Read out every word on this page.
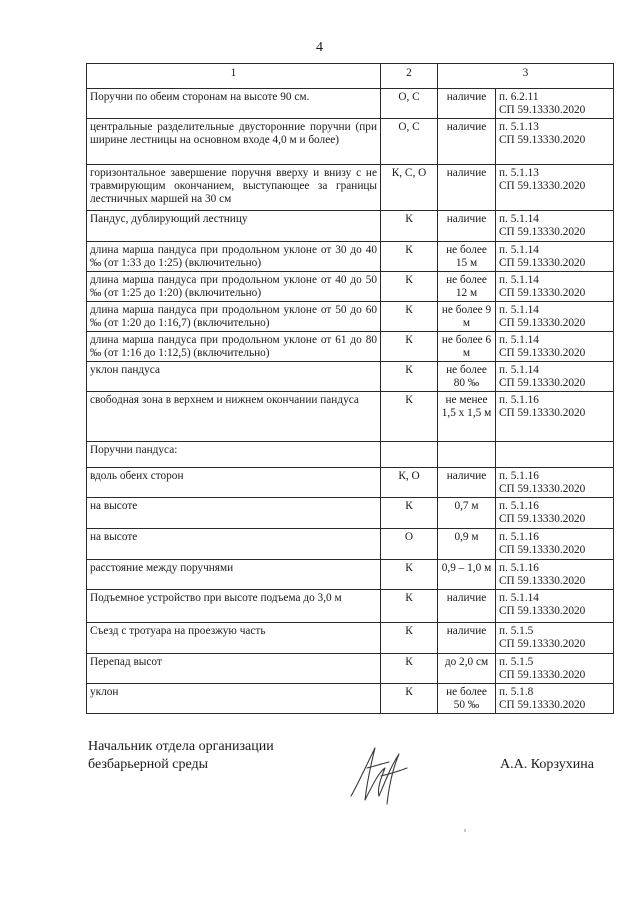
4
1	2	3	
Поручни по обеим сторонам на высоте 90 см.	О, С	наличие	п. 6.2.11
СП 59.13330.2020
центральные разделительные двусторонние поручни (при ширине лестницы на основном входе 4,0 м и более)	О, С	наличие	п. 5.1.13
СП 59.13330.2020
горизонтальное завершение поручня вверху и внизу с не травмирующим окончанием, выступающее за границы лестничных маршей на 30 см	К, С, О	наличие	п. 5.1.13
СП 59.13330.2020
Пандус, дублирующий лестницу	К	наличие	п. 5.1.14
СП 59.13330.2020
длина марша пандуса при продольном уклоне от 30 до 40 ‰ (от 1:33 до 1:25) (включительно)	К	не более 15 м	п. 5.1.14
СП 59.13330.2020
длина марша пандуса при продольном уклоне от 40 до 50 ‰ (от 1:25 до 1:20) (включительно)	К	не более 12 м	п. 5.1.14
СП 59.13330.2020
длина марша пандуса при продольном уклоне от 50 до 60 ‰ (от 1:20 до 1:16,7) (включительно)	К	не более 9 м	п. 5.1.14
СП 59.13330.2020
длина марша пандуса при продольном уклоне от 61 до 80 ‰ (от 1:16 до 1:12,5) (включительно)	К	не более 6 м	п. 5.1.14
СП 59.13330.2020
уклон пандуса	К	не более 80 ‰	п. 5.1.14
СП 59.13330.2020
свободная зона в верхнем и нижнем окончании пандуса	К	не менее 1,5 х 1,5 м	п. 5.1.16
СП 59.13330.2020
Поручни пандуса:			

вдоль обеих сторон	К, О	наличие	п. 5.1.16
СП 59.13330.2020
на высоте	К	0,7 м	п. 5.1.16
СП 59.13330.2020
на высоте	О	0,9 м	п. 5.1.16
СП 59.13330.2020
расстояние между поручнями	К	0,9 – 1,0 м	п. 5.1.16
СП 59.13330.2020
Подъемное устройство при высоте подъема до 3,0 м	К	наличие	п. 5.1.14
СП 59.13330.2020
Съезд с тротуара на проезжую часть	К	наличие	п. 5.1.5
СП 59.13330.2020
Перепад высот	К	до 2,0 см	п. 5.1.5
СП 59.13330.2020
уклон	К	не более 50 ‰	п. 5.1.8
СП 59.13330.2020
Начальник отдела организации
безбарьерной среды	А.А. Корзухина
